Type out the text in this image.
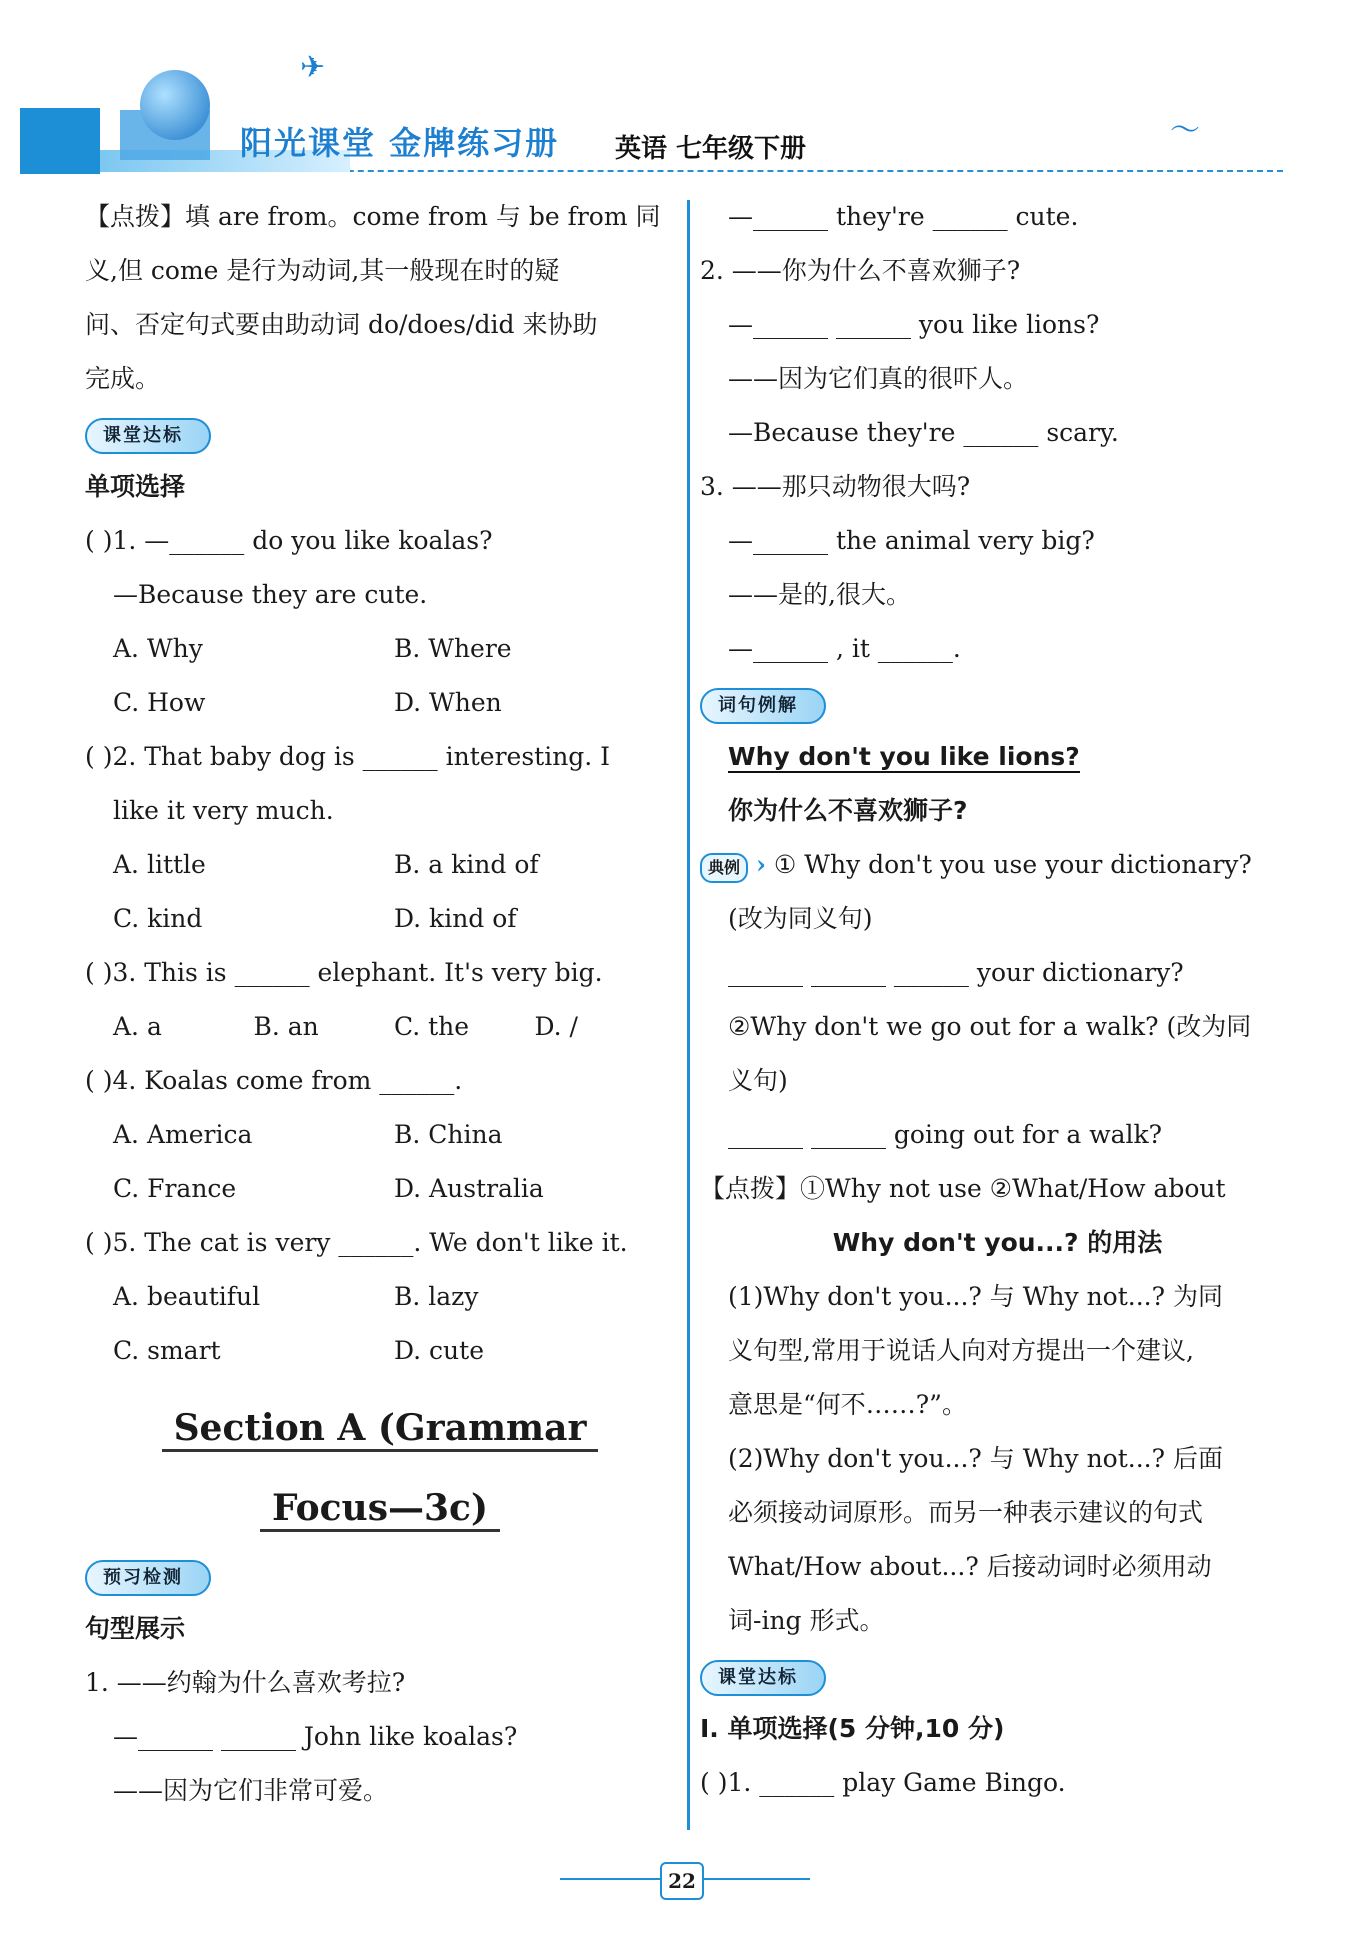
✈
〜
阳光课堂 金牌练习册 英语 七年级下册
【点拨】填 are from。come from 与 be from 同
义,但 come 是行为动词,其一般现在时的疑
问、否定句式要由助动词 do/does/did 来协助
完成。
课堂达标
单项选择
( )1. —______ do you like koalas?
—Because they are cute.
A. Why	B. Where
C. How	D. When
( )2. That baby dog is ______ interesting. I
like it very much.
A. little	B. a kind of
C. kind	D. kind of
( )3. This is ______ elephant. It's very big.
A. a	B. an	C. the	D. /
( )4. Koalas come from ______.
A. America	B. China
C. France	D. Australia
( )5. The cat is very ______. We don't like it.
A. beautiful	B. lazy
C. smart	D. cute
Section A (Grammar
Focus—3c)
预习检测
句型展示
1. ——约翰为什么喜欢考拉?
—______ ______ John like koalas?
——因为它们非常可爱。
—______ they're ______ cute.
2. ——你为什么不喜欢狮子?
—______ ______ you like lions?
——因为它们真的很吓人。
—Because they're ______ scary.
3. ——那只动物很大吗?
—______ the animal very big?
——是的,很大。
—______ , it ______.
词句例解
Why don't you like lions?
你为什么不喜欢狮子?
典例 › ① Why don't you use your dictionary?
(改为同义句)
______ ______ ______ your dictionary?
②Why don't we go out for a walk? (改为同
义句)
______ ______ going out for a walk?
【点拨】①Why not use ②What/How about
Why don't you...? 的用法
(1)Why don't you...? 与 Why not...? 为同
义句型,常用于说话人向对方提出一个建议,
意思是“何不……?”。
(2)Why don't you...? 与 Why not...? 后面
必须接动词原形。而另一种表示建议的句式
What/How about...? 后接动词时必须用动
词-ing 形式。
课堂达标
Ⅰ. 单项选择(5 分钟,10 分)
( )1. ______ play Game Bingo.
22
